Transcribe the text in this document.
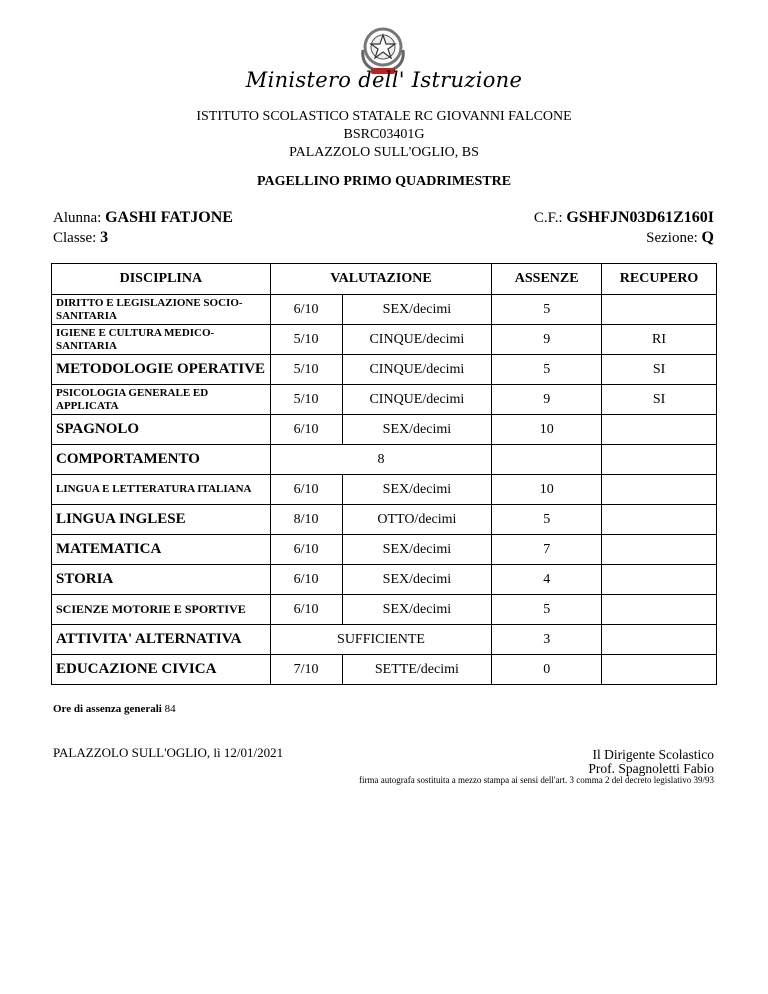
Ministero dell' Istruzione
ISTITUTO SCOLASTICO STATALE RC GIOVANNI FALCONE
BSRC03401G
PALAZZOLO SULL'OGLIO, BS
PAGELLINO PRIMO QUADRIMESTRE
Alunna: GASHI FATJONE
Classe: 3
C.F.: GSHFJN03D61Z160I
Sezione: Q
DISCIPLINA	VALUTAZIONE		ASSENZE	RECUPERO
DIRITTO E LEGISLAZIONE SOCIO-SANITARIA	6/10	SEX/decimi	5	
IGIENE E CULTURA MEDICO-SANITARIA	5/10	CINQUE/decimi	9	RI
METODOLOGIE OPERATIVE	5/10	CINQUE/decimi	5	SI
PSICOLOGIA GENERALE ED APPLICATA	5/10	CINQUE/decimi	9	SI
SPAGNOLO	6/10	SEX/decimi	10	
COMPORTAMENTO	8			
LINGUA E LETTERATURA ITALIANA	6/10	SEX/decimi	10	
LINGUA INGLESE	8/10	OTTO/decimi	5	
MATEMATICA	6/10	SEX/decimi	7	
STORIA	6/10	SEX/decimi	4	
SCIENZE MOTORIE E SPORTIVE	6/10	SEX/decimi	5	
ATTIVITA' ALTERNATIVA	SUFFICIENTE		3	
EDUCAZIONE CIVICA	7/10	SETTE/decimi	0	
Ore di assenza generali 84
PALAZZOLO SULL'OGLIO, lì 12/01/2021	Il Dirigente Scolastico
Prof. Spagnoletti Fabio
firma autografa sostituita a mezzo stampa ai sensi dell'art. 3 comma 2 del decreto legislativo 39/93
